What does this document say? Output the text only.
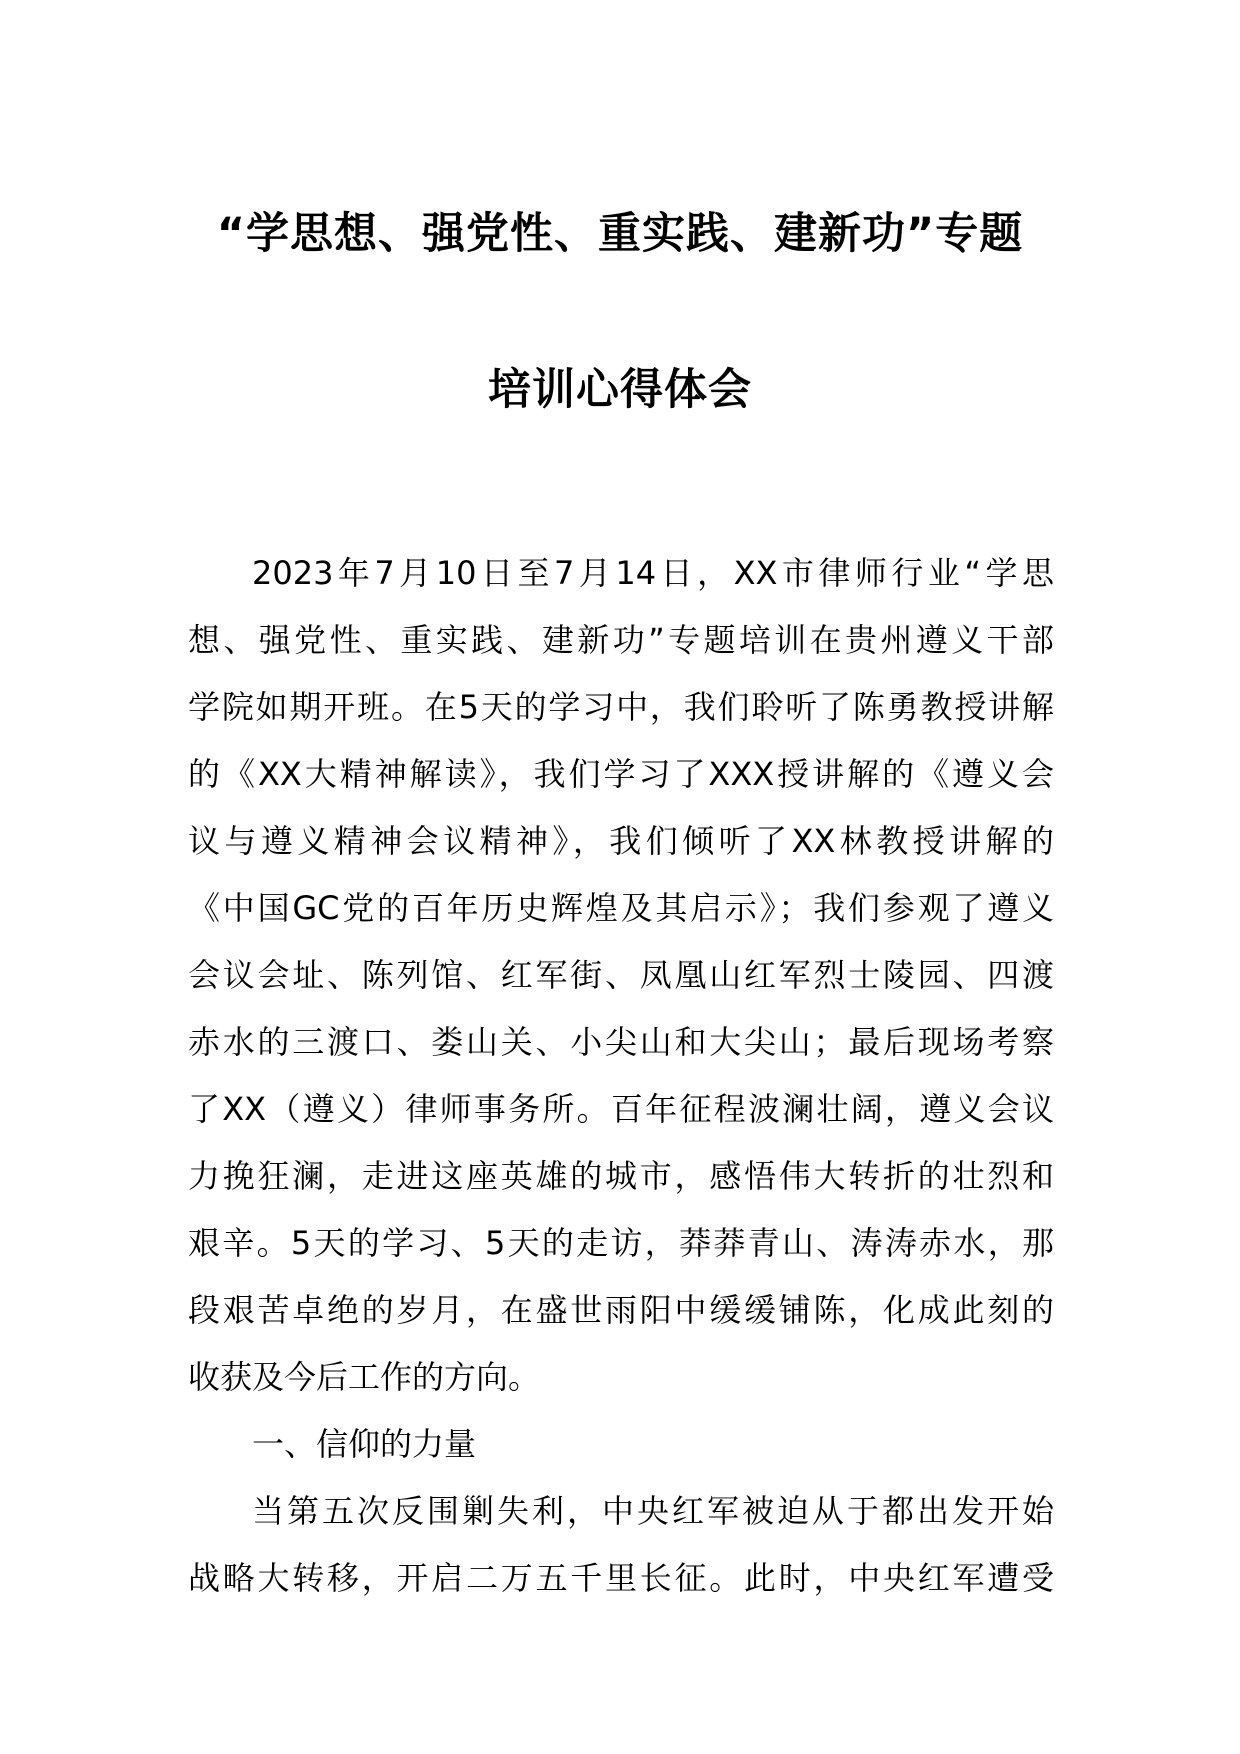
“学思想、强党性、重实践、建新功”专题
培训心得体会
2023年7月10日至7月14日，XX市律师行业“学思
想、强党性、重实践、建新功”专题培训在贵州遵义干部
学院如期开班。在5天的学习中，我们聆听了陈勇教授讲解
的《XX大精神解读》，我们学习了XXX授讲解的《遵义会
议与遵义精神会议精神》，我们倾听了XX林教授讲解的
《中国GC党的百年历史辉煌及其启示》；我们参观了遵义
会议会址、陈列馆、红军街、凤凰山红军烈士陵园、四渡
赤水的三渡口、娄山关、小尖山和大尖山；最后现场考察
了XX（遵义）律师事务所。百年征程波澜壮阔，遵义会议
力挽狂澜，走进这座英雄的城市，感悟伟大转折的壮烈和
艰辛。5天的学习、5天的走访，莽莽青山、涛涛赤水，那
段艰苦卓绝的岁月，在盛世雨阳中缓缓铺陈，化成此刻的
收获及今后工作的方向。
一、信仰的力量
当第五次反围剿失利，中央红军被迫从于都出发开始
战略大转移，开启二万五千里长征。此时，中央红军遭受
